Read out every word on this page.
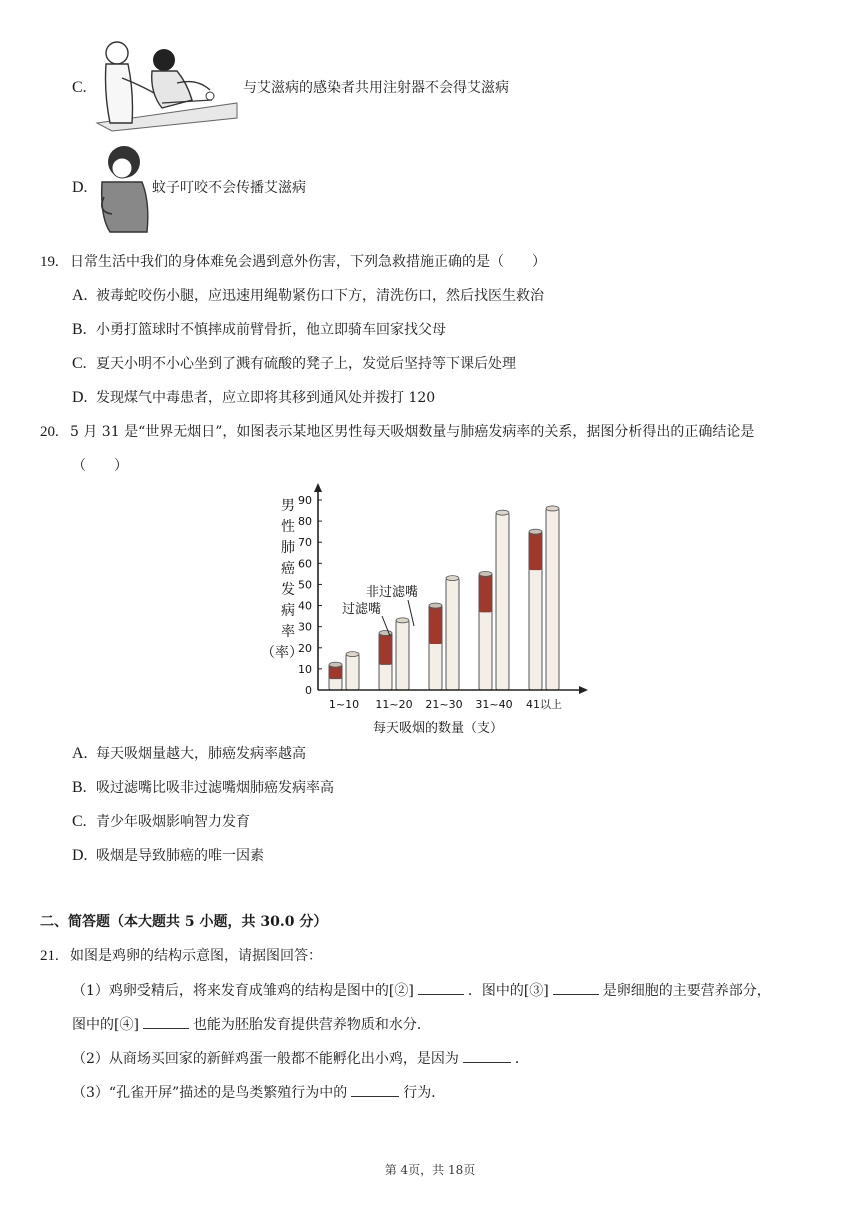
C.	与艾滋病的感染者共用注射器不会得艾滋病
D.	蚊子叮咬不会传播艾滋病
19. 日常生活中我们的身体难免会遇到意外伤害，下列急救措施正确的是（　　）
A. 被毒蛇咬伤小腿，应迅速用绳勒紧伤口下方，清洗伤口，然后找医生救治
B. 小勇打篮球时不慎摔成前臂骨折，他立即骑车回家找父母
C. 夏天小明不小心坐到了溅有硫酸的凳子上，发觉后坚持等下课后处理
D. 发现煤气中毒患者，应立即将其移到通风处并拨打 120
20. 5 月 31 是“世界无烟日”，如图表示某地区男性每天吸烟数量与肺癌发病率的关系，据图分析得出的正确结论是
（　　）
男
性
肺
癌
发
病
率
（率）
0
10
20
30
40
50
60
70
80
90
1~10 11~20 21~30 31~40 41以上
非过滤嘴
过滤嘴
每天吸烟的数量（支）
A. 每天吸烟量越大，肺癌发病率越高
B. 吸过滤嘴比吸非过滤嘴烟肺癌发病率高
C. 青少年吸烟影响智力发育
D. 吸烟是导致肺癌的唯一因素
二、简答题（本大题共 5 小题，共 30.0 分）
21. 如图是鸡卵的结构示意图，请据图回答：
（1）鸡卵受精后，将来发育成雏鸡的结构是图中的[②]	．图中的[③]	是卵细胞的主要营养部分，
图中的[④]	也能为胚胎发育提供营养物质和水分．
（2）从商场买回家的新鲜鸡蛋一般都不能孵化出小鸡，是因为	．
（3）“孔雀开屏”描述的是鸟类繁殖行为中的	行为．
第 4页，共 18页
